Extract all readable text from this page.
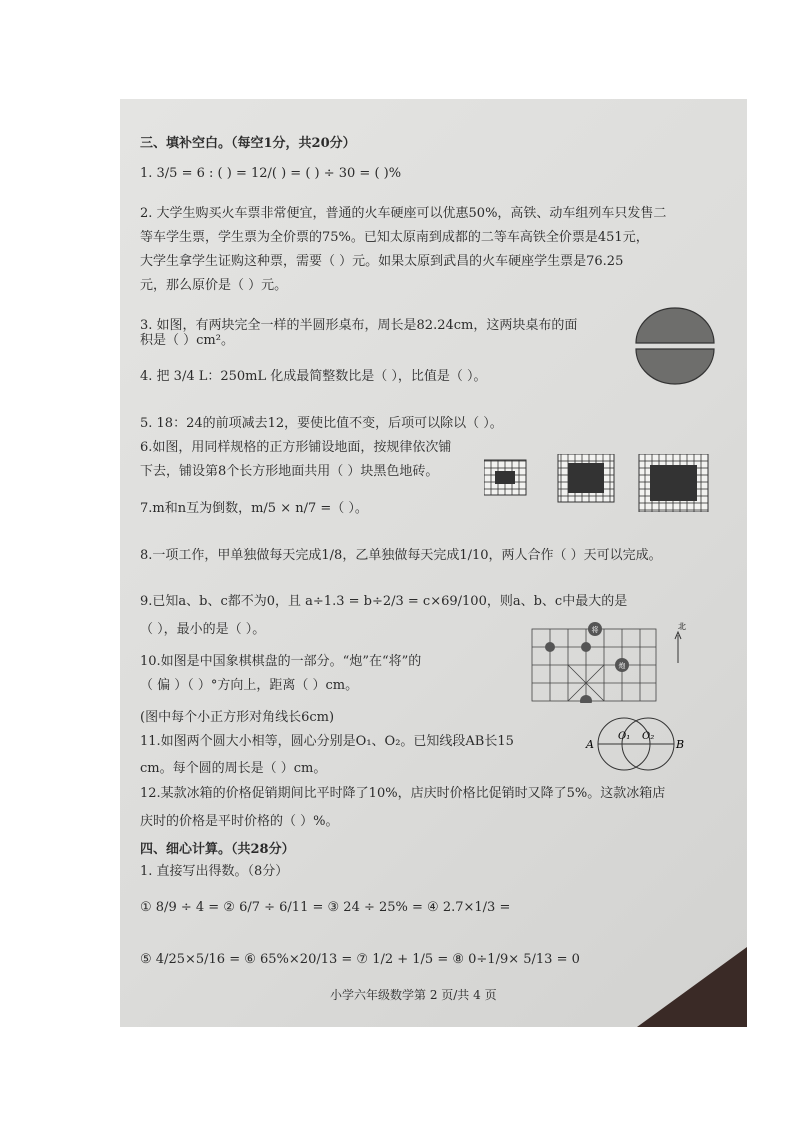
三、填补空白。（每空1分，共20分）
1. 3/5 = 6 : ( ) = 12/( ) = ( ) ÷ 30 = ( )%
2. 大学生购买火车票非常便宜，普通的火车硬座可以优惠50%，高铁、动车组列车只发售二
等车学生票，学生票为全价票的75%。已知太原南到成都的二等车高铁全价票是451元，
大学生拿学生证购这种票，需要（ ）元。如果太原到武昌的火车硬座学生票是76.25
元，那么原价是（ ）元。
3. 如图，有两块完全一样的半圆形桌布，周长是82.24cm，这两块桌布的面
积是（ ）cm²。
4. 把 3/4 L：250mL 化成最简整数比是（ ），比值是（ ）。
5. 18：24的前项减去12，要使比值不变，后项可以除以（ ）。
6.如图，用同样规格的正方形铺设地面，按规律依次铺
下去，铺设第8个长方形地面共用（ ）块黑色地砖。
7.m和n互为倒数，m/5 × n/7 =（ ）。
8.一项工作，甲单独做每天完成1/8，乙单独做每天完成1/10，两人合作（ ）天可以完成。
9.已知a、b、c都不为0，且 a÷1.3 = b÷2/3 = c×69/100，则a、b、c中最大的是
（ ），最小的是（ ）。
10.如图是中国象棋棋盘的一部分。“炮”在“将”的
（ 偏 ）（ ）°方向上，距离（ ）cm。
(图中每个小正方形对角线长6cm)
将
炮
北
11.如图两个圆大小相等，圆心分别是O₁、O₂。已知线段AB长15
cm。每个圆的周长是（ ）cm。
A
O₁ O₂
B
12.某款冰箱的价格促销期间比平时降了10%，店庆时价格比促销时又降了5%。这款冰箱店
庆时的价格是平时价格的（ ）%。
四、细心计算。（共28分）
1. 直接写出得数。（8分）
① 8/9 ÷ 4 = ② 6/7 ÷ 6/11 = ③ 24 ÷ 25% = ④ 2.7×1/3 =
⑤ 4/25×5/16 = ⑥ 65%×20/13 = ⑦ 1/2 + 1/5 = ⑧ 0÷1/9× 5/13 = 0
小学六年级数学第 2 页/共 4 页
